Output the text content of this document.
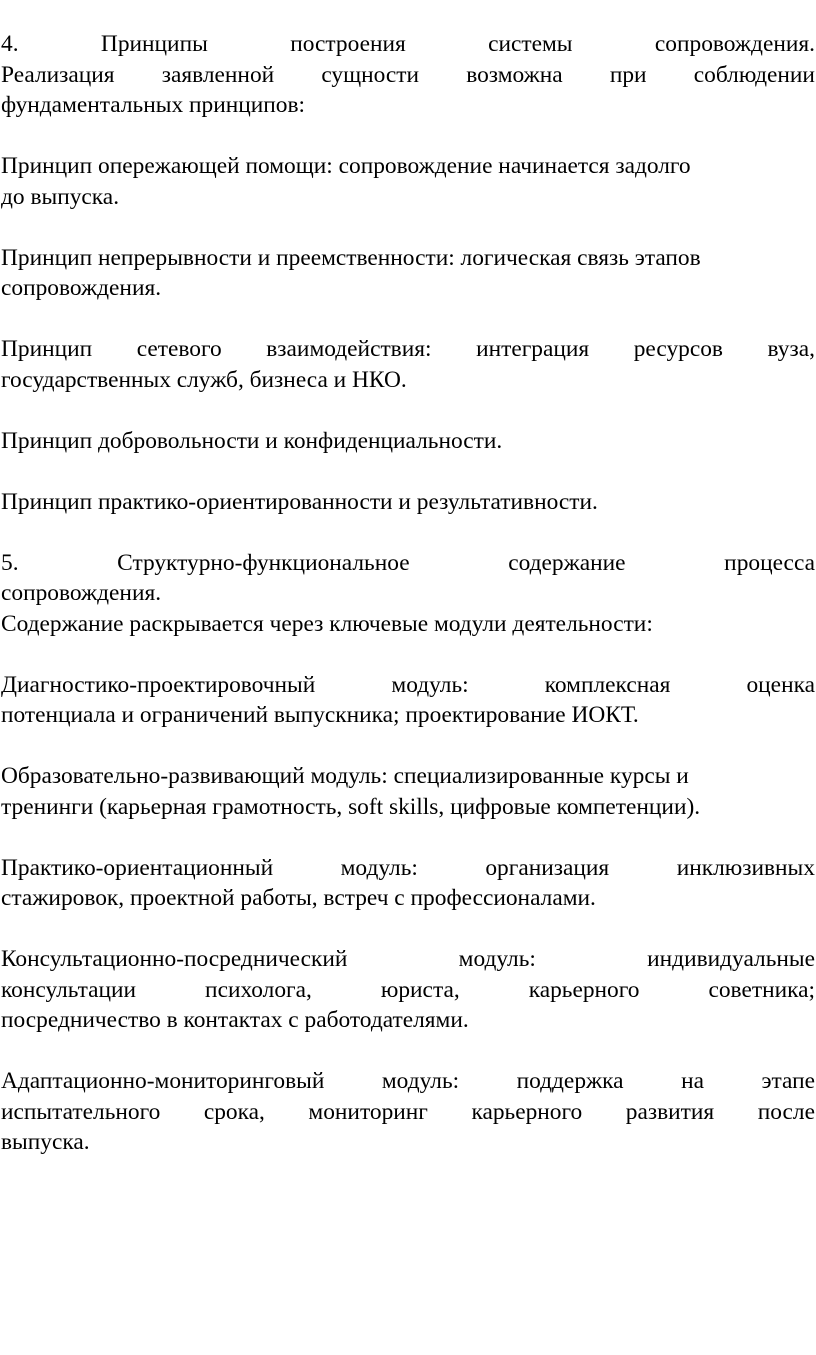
4.	Принципы	построения	системы	сопровождения.
Реализация заявленной сущности возможна при соблюдении
фундаментальных принципов:
Принцип опережающей помощи: сопровождение начинается задолго
до выпуска.
Принцип непрерывности и преемственности: логическая связь этапов
сопровождения.
Принцип сетевого взаимодействия: интеграция ресурсов вуза,
государственных служб, бизнеса и НКО.
Принцип добровольности и конфиденциальности.
Принцип практико-ориентированности и результативности.
5.	Структурно-функциональное	содержание	процесса
сопровождения.
Содержание раскрывается через ключевые модули деятельности:
Диагностико-проектировочный	модуль:	комплексная	оценка
потенциала и ограничений выпускника; проектирование ИОКТ.
Образовательно-развивающий модуль: специализированные курсы и
тренинги (карьерная грамотность, soft skills, цифровые компетенции).
Практико-ориентационный	модуль:	организация	инклюзивных
стажировок, проектной работы, встреч с профессионалами.
Консультационно-посреднический	модуль:	индивидуальные
консультации	психолога,	юриста,	карьерного	советника;
посредничество в контактах с работодателями.
Адаптационно-мониторинговый модуль: поддержка на этапе
испытательного срока, мониторинг карьерного развития после
выпуска.
